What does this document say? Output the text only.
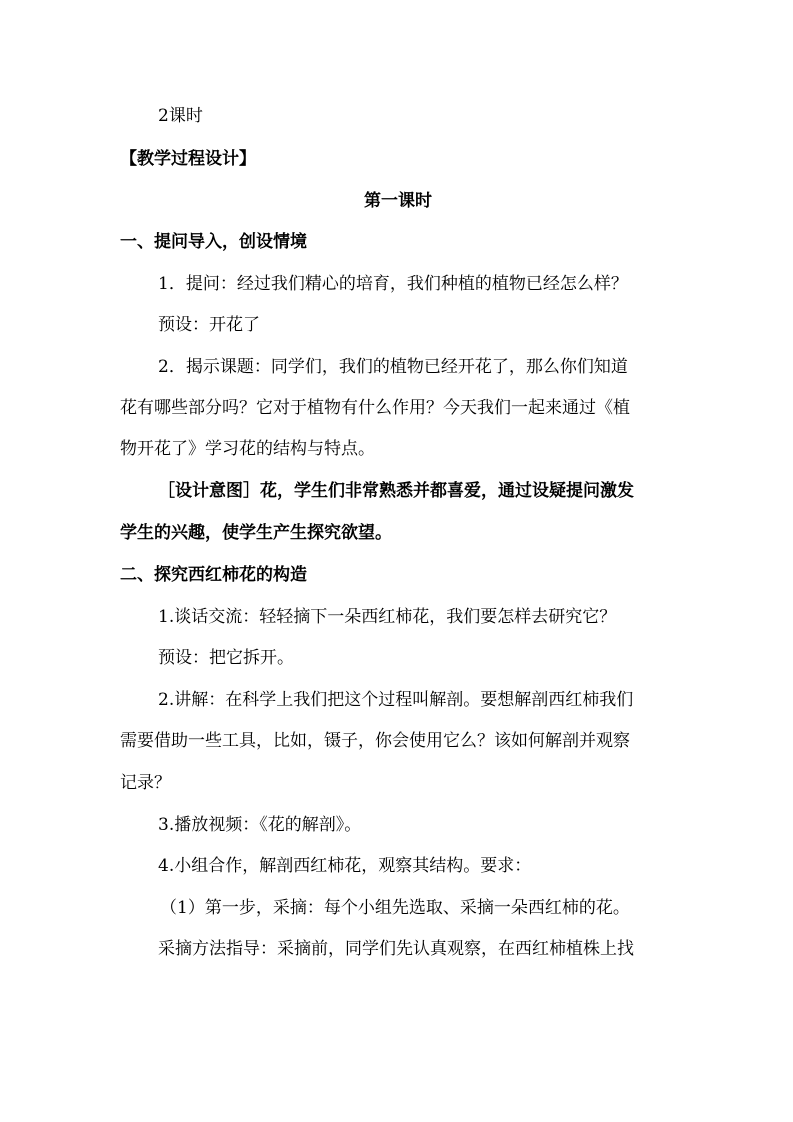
2课时
【教学过程设计】
第一课时
一、提问导入，创设情境
1．提问：经过我们精心的培育，我们种植的植物已经怎么样？
预设：开花了
2．揭示课题：同学们，我们的植物已经开花了，那么你们知道
花有哪些部分吗？它对于植物有什么作用？今天我们一起来通过《植
物开花了》学习花的结构与特点。
［设计意图］花，学生们非常熟悉并都喜爱，通过设疑提问激发
学生的兴趣，使学生产生探究欲望。
二、探究西红柿花的构造
1.谈话交流：轻轻摘下一朵西红柿花，我们要怎样去研究它？
预设：把它拆开。
2.讲解：在科学上我们把这个过程叫解剖。要想解剖西红柿我们
需要借助一些工具，比如，镊子，你会使用它么？该如何解剖并观察
记录？
3.播放视频：《花的解剖》。
4.小组合作，解剖西红柿花，观察其结构。要求：
（1）第一步，采摘：每个小组先选取、采摘一朵西红柿的花。
采摘方法指导：采摘前，同学们先认真观察，在西红柿植株上找
